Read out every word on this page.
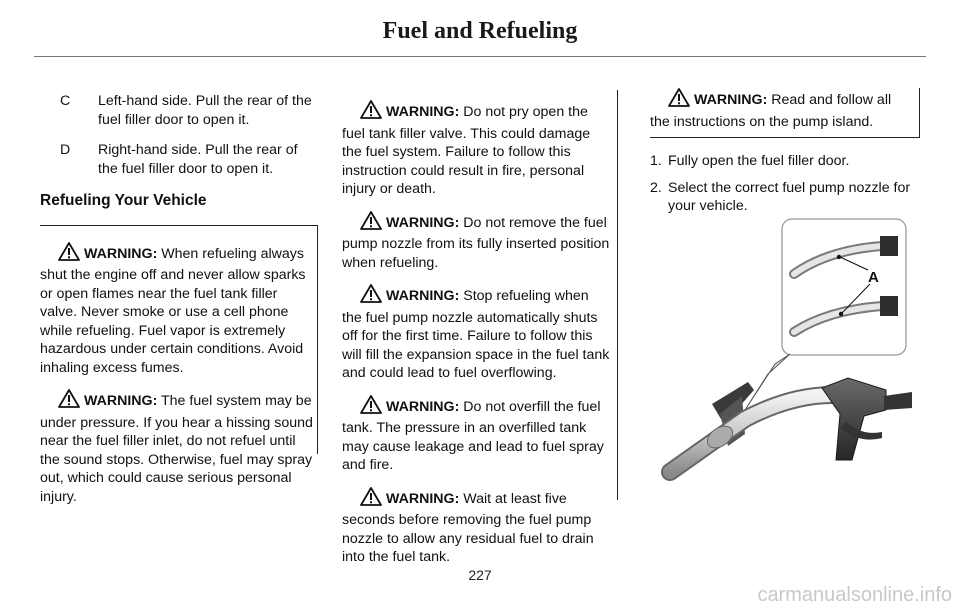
Fuel and Refueling
C	Left-hand side. Pull the rear of the fuel filler door to open it.
D	Right-hand side. Pull the rear of the fuel filler door to open it.
Refueling Your Vehicle
WARNING: When refueling always shut the engine off and never allow sparks or open flames near the fuel tank filler valve. Never smoke or use a cell phone while refueling. Fuel vapor is extremely hazardous under certain conditions. Avoid inhaling excess fumes.
WARNING: The fuel system may be under pressure. If you hear a hissing sound near the fuel filler inlet, do not refuel until the sound stops. Otherwise, fuel may spray out, which could cause serious personal injury.
WARNING: Do not pry open the fuel tank filler valve. This could damage the fuel system. Failure to follow this instruction could result in fire, personal injury or death.
WARNING: Do not remove the fuel pump nozzle from its fully inserted position when refueling.
WARNING: Stop refueling when the fuel pump nozzle automatically shuts off for the first time. Failure to follow this will fill the expansion space in the fuel tank and could lead to fuel overflowing.
WARNING: Do not overfill the fuel tank. The pressure in an overfilled tank may cause leakage and lead to fuel spray and fire.
WARNING: Wait at least five seconds before removing the fuel pump nozzle to allow any residual fuel to drain into the fuel tank.
WARNING: Read and follow all the instructions on the pump island.
1. Fully open the fuel filler door.
2. Select the correct fuel pump nozzle for your vehicle.
A
227
carmanualsonline.info
